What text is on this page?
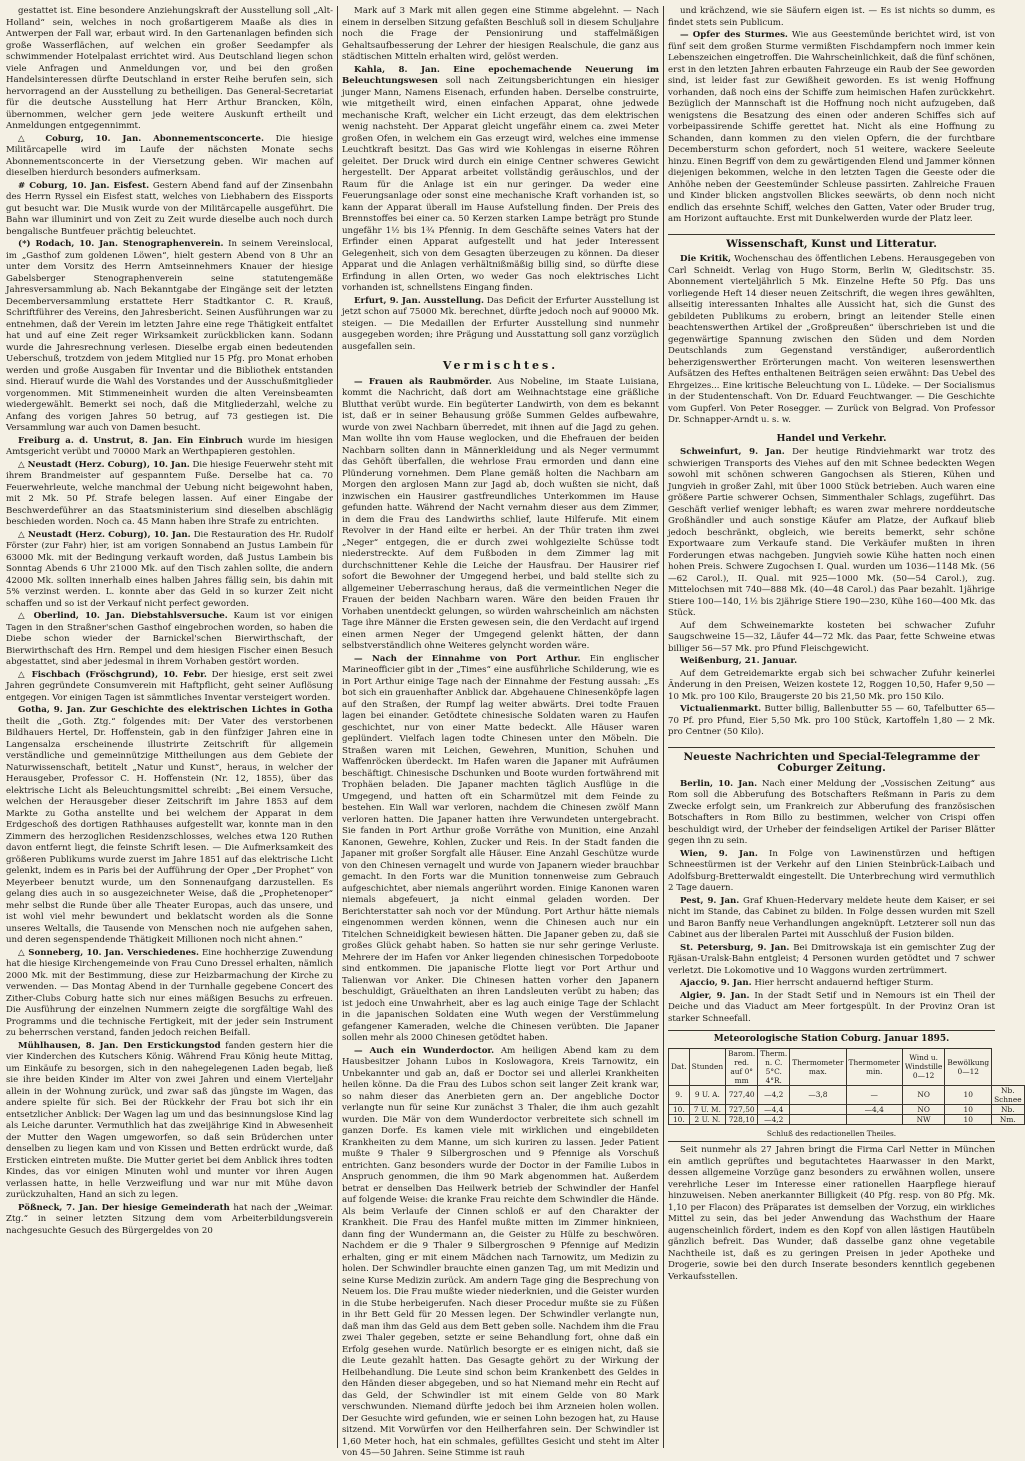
gestattet ist. Eine besondere Anziehungskraft der Ausstellung soll „Alt-Holland“ sein, welches in noch großartigerem Maaße als dies in Antwerpen der Fall war, erbaut wird. In den Gartenanlagen befinden sich große Wasserflächen, auf welchen ein großer Seedampfer als schwimmender Hotelpalast errichtet wird. Aus Deutschland liegen schon viele Anfragen und Anmeldungen vor, und bei den großen Handelsinteressen dürfte Deutschland in erster Reihe berufen sein, sich hervorragend an der Ausstellung zu betheiligen. Das General-Secretariat für die deutsche Ausstellung hat Herr Arthur Brancken, Köln, übernommen, welcher gern jede weitere Auskunft ertheilt und Anmeldungen entgegennimmt.

△ Coburg, 10. Jan. Abonnementsconcerte. Die hiesige Militärcapelle wird im Laufe der nächsten Monate sechs Abonnementsconcerte in der Viersetzung geben. Wir machen auf dieselben hierdurch besonders aufmerksam.

# Coburg, 10. Jan. Eisfest. Gestern Abend fand auf der Zinsenbahn des Herrn Ryssel ein Eisfest statt, welches von Liebhabern des Eissports gut besucht war. Die Musik wurde von der Militärcapelle ausgeführt. Die Bahn war illuminirt und von Zeit zu Zeit wurde dieselbe auch noch durch bengalische Buntfeuer prächtig beleuchtet.

(*) Rodach, 10. Jan. Stenographenverein. In seinem Vereinslocal, im „Gasthof zum goldenen Löwen“, hielt gestern Abend von 8 Uhr an unter dem Vorsitz des Herrn Amtseinnehmers Knauer der hiesige Gabelsberger Stenographenverein seine statutengemäße Jahresversammlung ab. Nach Bekanntgabe der Eingänge seit der letzten Decemberversammlung erstattete Herr Stadtkantor C. R. Krauß, Schriftführer des Vereins, den Jahresbericht. Seinen Ausführungen war zu entnehmen, daß der Verein im letzten Jahre eine rege Thätigkeit entfaltet hat und auf eine Zeit reger Wirksamkeit zurückblicken kann. Sodann wurde die Jahresrechnung verlesen. Dieselbe ergab einen bedeutenden Ueberschuß, trotzdem von jedem Mitglied nur 15 Pfg. pro Monat erhoben werden und große Ausgaben für Inventar und die Bibliothek entstanden sind. Hierauf wurde die Wahl des Vorstandes und der Ausschußmitglieder vorgenommen. Mit Stimmeneinheit wurden die alten Vereinsbeamten wiedergewählt. Bemerkt sei noch, daß die Mitgliederzahl, welche zu Anfang des vorigen Jahres 50 betrug, auf 73 gestiegen ist. Die Versammlung war auch von Damen besucht.

Freiburg a. d. Unstrut, 8. Jan. Ein Einbruch wurde im hiesigen Amtsgericht verübt und 70000 Mark an Werthpapieren gestohlen.

△ Neustadt (Herz. Coburg), 10. Jan. Die hiesige Feuerwehr steht mit ihrem Brandmeister auf gespanntem Fuße. Derselbe hat ca. 70 Feuerwehrleute, welche manchmal der Uebung nicht beigewohnt haben, mit 2 Mk. 50 Pf. Strafe belegen lassen. Auf einer Eingabe der Beschwerdeführer an das Staatsministerium sind dieselben abschlägig beschieden worden. Noch ca. 45 Mann haben ihre Strafe zu entrichten.

△ Neustadt (Herz. Coburg), 10. Jan. Die Restauration des Hr. Rudolf Förster (zur Fahr) hier, ist am vorigen Sonnabend an Justus Lambein für 63000 Mk. mit der Bedingung verkauft worden, daß Justus Lambein bis Sonntag Abends 6 Uhr 21000 Mk. auf den Tisch zahlen sollte, die andern 42000 Mk. sollten innerhalb eines halben Jahres fällig sein, bis dahin mit 5% verzinst werden. L. konnte aber das Geld in so kurzer Zeit nicht schaffen und so ist der Verkauf nicht perfect geworden.

△ Oberlind, 10. Jan. Diebstahlsversuche. Kaum ist vor einigen Tagen in den Straßner'schen Gasthof eingebrochen worden, so haben die Diebe schon wieder der Barnickel'schen Bierwirthschaft, der Bierwirthschaft des Hrn. Rempel und dem hiesigen Fischer einen Besuch abgestattet, sind aber jedesmal in ihrem Vorhaben gestört worden.

△ Fischbach (Fröschgrund), 10. Febr. Der hiesige, erst seit zwei Jahren gegründete Consumverein mit Haftpflicht, geht seiner Auflösung entgegen. Vor einigen Tagen ist sämmtliches Inventar versteigert worden.

Gotha, 9. Jan. Zur Geschichte des elektrischen Lichtes in Gotha theilt die „Goth. Ztg.“ folgendes mit: Der Vater des verstorbenen Bildhauers Hertel, Dr. Hoffenstein, gab in den fünfziger Jahren eine in Langensalza erscheinende illustrirte Zeitschrift für allgemein verständliche und gemeinnützige Mittheilungen aus dem Gebiete der Naturwissenschaft, betitelt „Natur und Kunst“, heraus, in welcher der Herausgeber, Professor C. H. Hoffenstein (Nr. 12, 1855), über das elektrische Licht als Beleuchtungsmittel schreibt: „Bei einem Versuche, welchen der Herausgeber dieser Zeitschrift im Jahre 1853 auf dem Markte zu Gotha anstellte und bei welchem der Apparat in dem Erdgeschoß des dortigen Rathhauses aufgestellt war, konnte man in den Zimmern des herzoglichen Residenzschlosses, welches etwa 120 Ruthen davon entfernt liegt, die feinste Schrift lesen. — Die Aufmerksamkeit des größeren Publikums wurde zuerst im Jahre 1851 auf das elektrische Licht gelenkt, indem es in Paris bei der Aufführung der Oper „Der Prophet“ von Meyerbeer benutzt wurde, um den Sonnenaufgang darzustellen. Es gelang dies auch in so ausgezeichneter Weise, daß die „Prophetenoper“ mehr selbst die Runde über alle Theater Europas, auch das unsere, und ist wohl viel mehr bewundert und beklatscht worden als die Sonne unseres Weltalls, die Tausende von Menschen noch nie aufgehen sahen, und deren segenspendende Thätigkeit Millionen noch nicht ahnen.“

△ Sonneberg, 10. Jan. Verschiedenes. Eine hochherzige Zuwendung hat die hiesige Kirchengemeinde von Frau Cuno Dressel erhalten, nämlich 2000 Mk. mit der Bestimmung, diese zur Heizbarmachung der Kirche zu verwenden. — Das Montag Abend in der Turnhalle gegebene Concert des Zither-Clubs Coburg hatte sich nur eines mäßigen Besuchs zu erfreuen. Die Ausführung der einzelnen Nummern zeigte die sorgfältige Wahl des Programms und die technische Fertigkeit, mit der jeder sein Instrument zu beherrschen verstand, fanden jedoch reichen Beifall.

Mühlhausen, 8. Jan. Den Erstickungstod fanden gestern hier die vier Kinderchen des Kutschers König. Während Frau König heute Mittag, um Einkäufe zu besorgen, sich in den nahegelegenen Laden begab, ließ sie ihre beiden Kinder im Alter von zwei Jahren und einem Vierteljahr allein in der Wohnung zurück, und zwar saß das jüngste im Wagen, das andere spielte für sich. Bei der Rückkehr der Frau bot sich ihr ein entsetzlicher Anblick: Der Wagen lag um und das besinnungslose Kind lag als Leiche darunter. Vermuthlich hat das zweijährige Kind in Abwesenheit der Mutter den Wagen umgeworfen, so daß sein Brüderchen unter denselben zu liegen kam und von Kissen und Betten erdrückt wurde, daß Ersticken eintreten mußte. Die Mutter geriet bei dem Anblick ihres todten Kindes, das vor einigen Minuten wohl und munter vor ihren Augen verlassen hatte, in helle Verzweiflung und war nur mit Mühe davon zurückzuhalten, Hand an sich zu legen.

Pößneck, 7. Jan. Der hiesige Gemeinderath hat nach der „Weimar. Ztg.“ in seiner letzten Sitzung dem vom Arbeiterbildungsverein nachgesuchte Gesuch des Bürgergeldes von 20

Mark auf 3 Mark mit allen gegen eine Stimme abgelehnt. — Nach einem in derselben Sitzung gefaßten Beschluß soll in diesem Schuljahre noch die Frage der Pensionirung und staffelmäßigen Gehaltsaufbesserung der Lehrer der hiesigen Realschule, die ganz aus städtischen Mitteln erhalten wird, gelöst werden.

Kahla, 8. Jan. Eine epochemachende Neuerung im Beleuchtungswesen soll nach Zeitungsberichtungen ein hiesiger junger Mann, Namens Eisenach, erfunden haben. Derselbe construirte, wie mitgetheilt wird, einen einfachen Apparat, ohne jedwede mechanische Kraft, welcher ein Licht erzeugt, das dem elektrischen wenig nachsteht. Der Apparat gleicht ungefähr einem ca. zwei Meter großen Ofen, in welchem ein Gas erzeugt wird, welches eine immense Leuchtkraft besitzt. Das Gas wird wie Kohlengas in eiserne Röhren geleitet. Der Druck wird durch ein einige Centner schweres Gewicht hergestellt. Der Apparat arbeitet vollständig geräuschlos, und der Raum für die Anlage ist ein nur geringer. Da weder eine Feuerungsanlage oder sonst eine mechanische Kraft vorhanden ist, so kann der Apparat überall im Hause Aufstellung finden. Der Preis des Brennstoffes bei einer ca. 50 Kerzen starken Lampe beträgt pro Stunde ungefähr 1½ bis 1¾ Pfennig. In dem Geschäfte seines Vaters hat der Erfinder einen Apparat aufgestellt und hat jeder Interessent Gelegenheit, sich von dem Gesagten überzeugen zu können. Da dieser Apparat und die Anlagen verhältnißmäßig billig sind, so dürfte diese Erfindung in allen Orten, wo weder Gas noch elektrisches Licht vorhanden ist, schnellstens Eingang finden.

Erfurt, 9. Jan. Ausstellung. Das Deficit der Erfurter Ausstellung ist jetzt schon auf 75000 Mk. berechnet, dürfte jedoch noch auf 90000 Mk. steigen. — Die Medaillen der Erfurter Ausstellung sind nunmehr ausgegeben worden; ihre Prägung und Ausstattung soll ganz vorzüglich ausgefallen sein.

Vermischtes.

— Frauen als Raubmörder. Aus Nobeline, im Staate Luisiana, kommt die Nachricht, daß dort am Weihnachtstage eine gräßliche Blutthat verübt wurde. Ein begüterter Landwirth, von dem es bekannt ist, daß er in seiner Behausung größe Summen Geldes aufbewahre, wurde von zwei Nachbarn überredet, mit ihnen auf die Jagd zu gehen. Man wollte ihn vom Hause weglocken, und die Ehefrauen der beiden Nachbarn sollten dann in Männerkleidung und als Neger vermummt das Gehöft überfallen, die wehrlose Frau ermorden und dann eine Plünderung vornehmen. Dem Plane gemäß holten die Nachbarn am Morgen den arglosen Mann zur Jagd ab, doch wußten sie nicht, daß inzwischen ein Hausirer gastfreundliches Unterkommen im Hause gefunden hatte. Während der Nacht vernahm dieser aus dem Zimmer, in dem die Frau des Landwirths schlief, laute Hilferufe. Mit einem Revolver in der Hand eilte er herbei. An der Thür traten ihm zwei „Neger“ entgegen, die er durch zwei wohlgezielte Schüsse todt niederstreckte. Auf dem Fußboden in dem Zimmer lag mit durchschnittener Kehle die Leiche der Hausfrau. Der Hausirer rief sofort die Bewohner der Umgegend herbei, und bald stellte sich zu allgemeiner Ueberraschung heraus, daß die vermeintlichen Neger die Frauen der beiden Nachbarn waren. Wäre den beiden Frauen ihr Vorhaben unentdeckt gelungen, so würden wahrscheinlich am nächsten Tage ihre Männer die Ersten gewesen sein, die den Verdacht auf irgend einen armen Neger der Umgegend gelenkt hätten, der dann selbstverständlich ohne Weiteres gelyncht worden wäre.

— Nach der Einnahme von Port Arthur. Ein englischer Marineofficier gibt in der „Times“ eine ausführliche Schilderung, wie es in Port Arthur einige Tage nach der Einnahme der Festung aussah: „Es bot sich ein grauenhafter Anblick dar. Abgehauene Chinesenköpfe lagen auf den Straßen, der Rumpf lag weiter abwärts. Drei todte Frauen lagen bei einander. Getödtete chinesische Soldaten waren zu Haufen geschichtet, nur von einer Matte bedeckt. Alle Häuser waren geplündert. Vielfach lagen todte Chinesen unter den Möbeln. Die Straßen waren mit Leichen, Gewehren, Munition, Schuhen und Waffenröcken überdeckt. Im Hafen waren die Japaner mit Aufräumen beschäftigt. Chinesische Dschunken und Boote wurden fortwährend mit Trophäen beladen. Die Japaner machten täglich Ausflüge in die Umgegend, und hatten oft ein Scharmützel mit dem Feinde zu bestehen. Ein Wall war verloren, nachdem die Chinesen zwölf Mann verloren hatten. Die Japaner hatten ihre Verwundeten untergebracht. Sie fanden in Port Arthur große Vorräthe von Munition, eine Anzahl Kanonen, Gewehre, Kohlen, Zucker und Reis. In der Stadt fanden die Japaner mit großer Sorgfalt alle Häuser. Eine Anzahl Geschütze wurde von den Chinesen vernagelt und wurde von Japanern wieder brauchbar gemacht. In den Forts war die Munition tonnenweise zum Gebrauch aufgeschichtet, aber niemals angerührt worden. Einige Kanonen waren niemals abgefeuert, ja nicht einmal geladen worden. Der Berichterstatter sah noch vor der Mündung. Port Arthur hätte niemals eingenommen werden können, wenn die Chinesen auch nur ein Titelchen Schneidigkeit bewiesen hätten. Die Japaner geben zu, daß sie großes Glück gehabt haben. So hatten sie nur sehr geringe Verluste. Mehrere der im Hafen vor Anker liegenden chinesischen Torpedoboote sind entkommen. Die japanische Flotte liegt vor Port Arthur und Talienwan vor Anker. Die Chinesen hatten vorher den Japanern beschuldigt, Gräuelthaten an ihren Landsleuten verübt zu haben; das ist jedoch eine Unwahrheit, aber es lag auch einige Tage der Schlacht in die japanischen Soldaten eine Wuth wegen der Verstümmelung gefangener Kameraden, welche die Chinesen verübten. Die Japaner sollen mehr als 2000 Chinesen getödtet haben.

— Auch ein Wunderdoctor. Am heiligen Abend kam zu dem Hausbesitzer Johann Lubos in Koslowagora, Kreis Tarnowitz, ein Unbekannter und gab an, daß er Doctor sei und allerlei Krankheiten heilen könne. Da die Frau des Lubos schon seit langer Zeit krank war, so nahm dieser das Anerbieten gern an. Der angebliche Doctor verlangte nun für seine Kur zunächst 3 Thaler, die ihm auch gezahlt wurden. Die Mär von dem Wunderdoctor verbreitete sich schnell im ganzen Dorfe. Es kamen viele mit wirklichen und eingebildeten Krankheiten zu dem Manne, um sich kuriren zu lassen. Jeder Patient mußte 9 Thaler 9 Silbergroschen und 9 Pfennige als Vorschuß entrichten. Ganz besonders wurde der Doctor in der Familie Lubos in Anspruch genommen, die ihm 90 Mark abgenommen hat. Außerdem betrat er denselben Das Heilwerk betrieb der Schwindler der Hanfel auf folgende Weise: die kranke Frau reichte dem Schwindler die Hände. Als beim Verlaufe der Cinnen schloß er auf den Charakter der Krankheit. Die Frau des Hanfel mußte mitten im Zimmer hinknieen, dann fing der Wundermann an, die Geister zu Hülfe zu beschwören. Nachdem er die 9 Thaler 9 Silbergroschen 9 Pfennige auf Medizin erhalten, ging er mit einem Mädchen nach Tarnowitz, um Medizin zu holen. Der Schwindler brauchte einen ganzen Tag, um mit Medizin und seine Kurse Medizin zurück. Am andern Tage ging die Besprechung von Neuem los. Die Frau mußte wieder niederknien, und die Geister wurden in die Stube herbeigerufen. Nach dieser Procedur mußte sie zu Füßen in ihr Bett Geld für 20 Messen legen. Der Schwindler verlangte nun, daß man ihm das Geld aus dem Bett geben solle. Nachdem ihm die Frau zwei Thaler gegeben, setzte er seine Behandlung fort, ohne daß ein Erfolg gesehen wurde. Natürlich besorgte er es einigen nicht, daß sie die Leute gezahlt hatten. Das Gesagte gehört zu der Wirkung der Heilbehandlung. Die Leute sind schon beim Krankenbett des Geldes in den Händen dieser abgegeben, und so hat Niemand mehr ein Recht auf das Geld, der Schwindler ist mit einem Gelde von 80 Mark verschwunden. Niemand dürfte jedoch bei ihm Arzneien holen wollen. Der Gesuchte wird gefunden, wie er seinen Lohn bezogen hat, zu Hause sitzend. Mit Vorwürfen vor den Heilherfahren sein. Der Schwindler ist 1,60 Meter hoch, hat ein schmales, gefülltes Gesicht und steht im Alter von 45—50 Jahren. Seine Stimme ist rauh

und krächzend, wie sie Säufern eigen ist. — Es ist nichts so dumm, es findet stets sein Publicum.

— Opfer des Sturmes. Wie aus Geestemünde berichtet wird, ist von fünf seit dem großen Sturme vermißten Fischdampfern noch immer kein Lebenszeichen eingetroffen. Die Wahrscheinlichkeit, daß die fünf schönen, erst in den letzten Jahren erbauten Fahrzeuge ein Raub der See geworden sind, ist leider fast zur Gewißheit geworden. Es ist wenig Hoffnung vorhanden, daß noch eins der Schiffe zum heimischen Hafen zurückkehrt. Bezüglich der Mannschaft ist die Hoffnung noch nicht aufzugeben, daß wenigstens die Besatzung des einen oder anderen Schiffes sich auf vorbeipassirende Schiffe gerettet hat. Nicht als eine Hoffnung zu Schanden, dann kommen zu den vielen Opfern, die der furchtbare Decembersturm schon gefordert, noch 51 weitere, wackere Seeleute hinzu. Einen Begriff von dem zu gewärtigenden Elend und Jammer können diejenigen bekommen, welche in den letzten Tagen die Geeste oder die Anhöhe neben der Geestemünder Schleuse passirten. Zahlreiche Frauen und Kinder blicken angstvollen Blickes seewärts, ob denn noch nicht endlich das ersehnte Schiff, welches den Gatten, Vater oder Bruder trug, am Horizont auftauchte. Erst mit Dunkelwerden wurde der Platz leer.

Wissenschaft, Kunst und Litteratur.

Die Kritik, Wochenschau des öffentlichen Lebens. Herausgegeben von Carl Schneidt. Verlag von Hugo Storm, Berlin W, Gleditschstr. 35. Abonnement vierteljährlich 5 Mk. Einzelne Hefte 50 Pfg. Das uns vorliegende Heft 14 dieser neuen Zeitschrift, die wegen ihres gewählten, allseitig interessanten Inhaltes alle Aussicht hat, sich die Gunst des gebildeten Publikums zu erobern, bringt an leitender Stelle einen beachtenswerthen Artikel der „Großpreußen“ überschrieben ist und die gegenwärtige Spannung zwischen den Süden und dem Norden Deutschlands zum Gegenstand verständiger, außerordentlich beherzigenswerther Erörterungen macht. Von weiteren lesenswerthen Aufsätzen des Heftes enthaltenen Beiträgen seien erwähnt: Das Uebel des Ehrgeizes... Eine kritische Beleuchtung von L. Lüdeke. — Der Socialismus in der Studentenschaft. Von Dr. Eduard Feuchtwanger. — Die Geschichte vom Gupferl. Von Peter Rosegger. — Zurück von Belgrad. Von Professor Dr. Schnapper-Arndt u. s. w.

Handel und Verkehr.

Schweinfurt, 9. Jan. Der heutige Rindviehmarkt war trotz des schwierigen Transports des Viehes auf den mit Schnee bedeckten Wegen sowohl mit schönen schweren Gangochsen als Stieren, Kühen und Jungvieh in großer Zahl, mit über 1000 Stück betrieben. Auch waren eine größere Partie schwerer Ochsen, Simmenthaler Schlags, zugeführt. Das Geschäft verlief weniger lebhaft; es waren zwar mehrere norddeutsche Großhändler und auch sonstige Käufer am Platze, der Aufkauf blieb jedoch beschränkt, obgleich, wie bereits bemerkt, sehr schöne Exportwaare zum Verkaufe stand. Die Verkäufer mußten in ihren Forderungen etwas nachgeben. Jungvieh sowie Kühe hatten noch einen hohen Preis. Schwere Zugochsen I. Qual. wurden um 1036—1148 Mk. (56—62 Carol.), II. Qual. mit 925—1000 Mk. (50—54 Carol.), zug. Mittelochsen mit 740—888 Mk. (40—48 Carol.) das Paar bezahlt. 1jährige Stiere 100—140, 1½ bis 2jährige Stiere 190—230, Kühe 160—400 Mk. das Stück.

Auf dem Schweinemarkte kosteten bei schwacher Zufuhr Saugschweine 15—32, Läufer 44—72 Mk. das Paar, fette Schweine etwas billiger 56—57 Mk. pro Pfund Fleischgewicht.

Weißenburg, 21. Januar.

Auf dem Getreidemarkte ergab sich bei schwacher Zufuhr keinerlei Änderung in den Preisen, Weizen kostete 12, Roggen 10,50, Hafer 9,50 — 10 Mk. pro 100 Kilo, Braugerste 20 bis 21,50 Mk. pro 150 Kilo.

Victualienmarkt. Butter billig, Ballenbutter 55 — 60, Tafelbutter 65—70 Pf. pro Pfund, Eier 5,50 Mk. pro 100 Stück, Kartoffeln 1,80 — 2 Mk. pro Centner (50 Kilo).

Neueste Nachrichten und Special-Telegramme der Coburger Zeitung.

Berlin, 10. Jan. Nach einer Meldung der „Vossischen Zeitung“ aus Rom soll die Abberufung des Botschafters Reßmann in Paris zu dem Zwecke erfolgt sein, um Frankreich zur Abberufung des französischen Botschafters in Rom Billo zu bestimmen, welcher von Crispi offen beschuldigt wird, der Urheber der feindseligen Artikel der Pariser Blätter gegen ihn zu sein.

Wien, 9. Jan. In Folge von Lawinenstürzen und heftigen Schneestürmen ist der Verkehr auf den Linien Steinbrück-Laibach und Adolfsburg-Bretterwaldt eingestellt. Die Unterbrechung wird vermuthlich 2 Tage dauern.

Pest, 9. Jan. Graf Khuen-Hedervary meldete heute dem Kaiser, er sei nicht im Stande, das Cabinet zu bilden. In Folge dessen wurden mit Szell und Baron Banffy neue Verhandlungen angeknüpft. Letzterer soll nun das Cabinet aus der liberalen Partei mit Ausschluß der Fusion bilden.

St. Petersburg, 9. Jan. Bei Dmitrowskaja ist ein gemischter Zug der Rjäsan-Uralsk-Bahn entgleist; 4 Personen wurden getödtet und 7 schwer verletzt. Die Lokomotive und 10 Waggons wurden zertrümmert.

Ajaccio, 9. Jan. Hier herrscht andauernd heftiger Sturm.

Algier, 9. Jan. In der Stadt Setif und in Nemours ist ein Theil der Deiche und das Viaduct am Meer fortgespült. In der Provinz Oran ist starker Schneefall.

Meteorologische Station Coburg. Januar 1895.
Dat.	Stunden	Barom. red. auf 0° mm	Therm. n. C. 5°C. 4°R.	Thermometer max.	Thermometer min.	Wind u. Windstille 0—12	Bewölkung 0—12	
9.	9 U. A.	727,40	—4,2	—3,8	—	NO	10	Nb. Schnee
10.	7 U. M.	727,50	—4,4		—4,4	NO	10	Nb.
10.	2 U. N.	728,10	—4,2			NW	10	Nm.
Schluß des redactionellen Theiles.

Seit nunmehr als 27 Jahren bringt die Firma Carl Netter in München ein amtlich geprüftes und begutachtetes Haarwasser in den Markt, dessen allgemeine Vorzüge ganz besonders zu erwähnen wollen, unsere verehrliche Leser im Interesse einer rationellen Haarpflege hierauf hinzuweisen. Neben anerkannter Billigkeit (40 Pfg. resp. von 80 Pfg. Mk. 1,10 per Flacon) des Präparates ist demselben der Vorzug, ein wirkliches Mittel zu sein, das bei jeder Anwendung das Wachsthum der Haare augenscheinlich fördert, indem es den Kopf von allen lästigen Hautübeln gänzlich befreit. Das Wunder, daß dasselbe ganz ohne vegetabile Nachtheile ist, daß es zu geringen Preisen in jeder Apotheke und Drogerie, sowie bei den durch Inserate besonders kenntlich gegebenen Verkaufsstellen.
